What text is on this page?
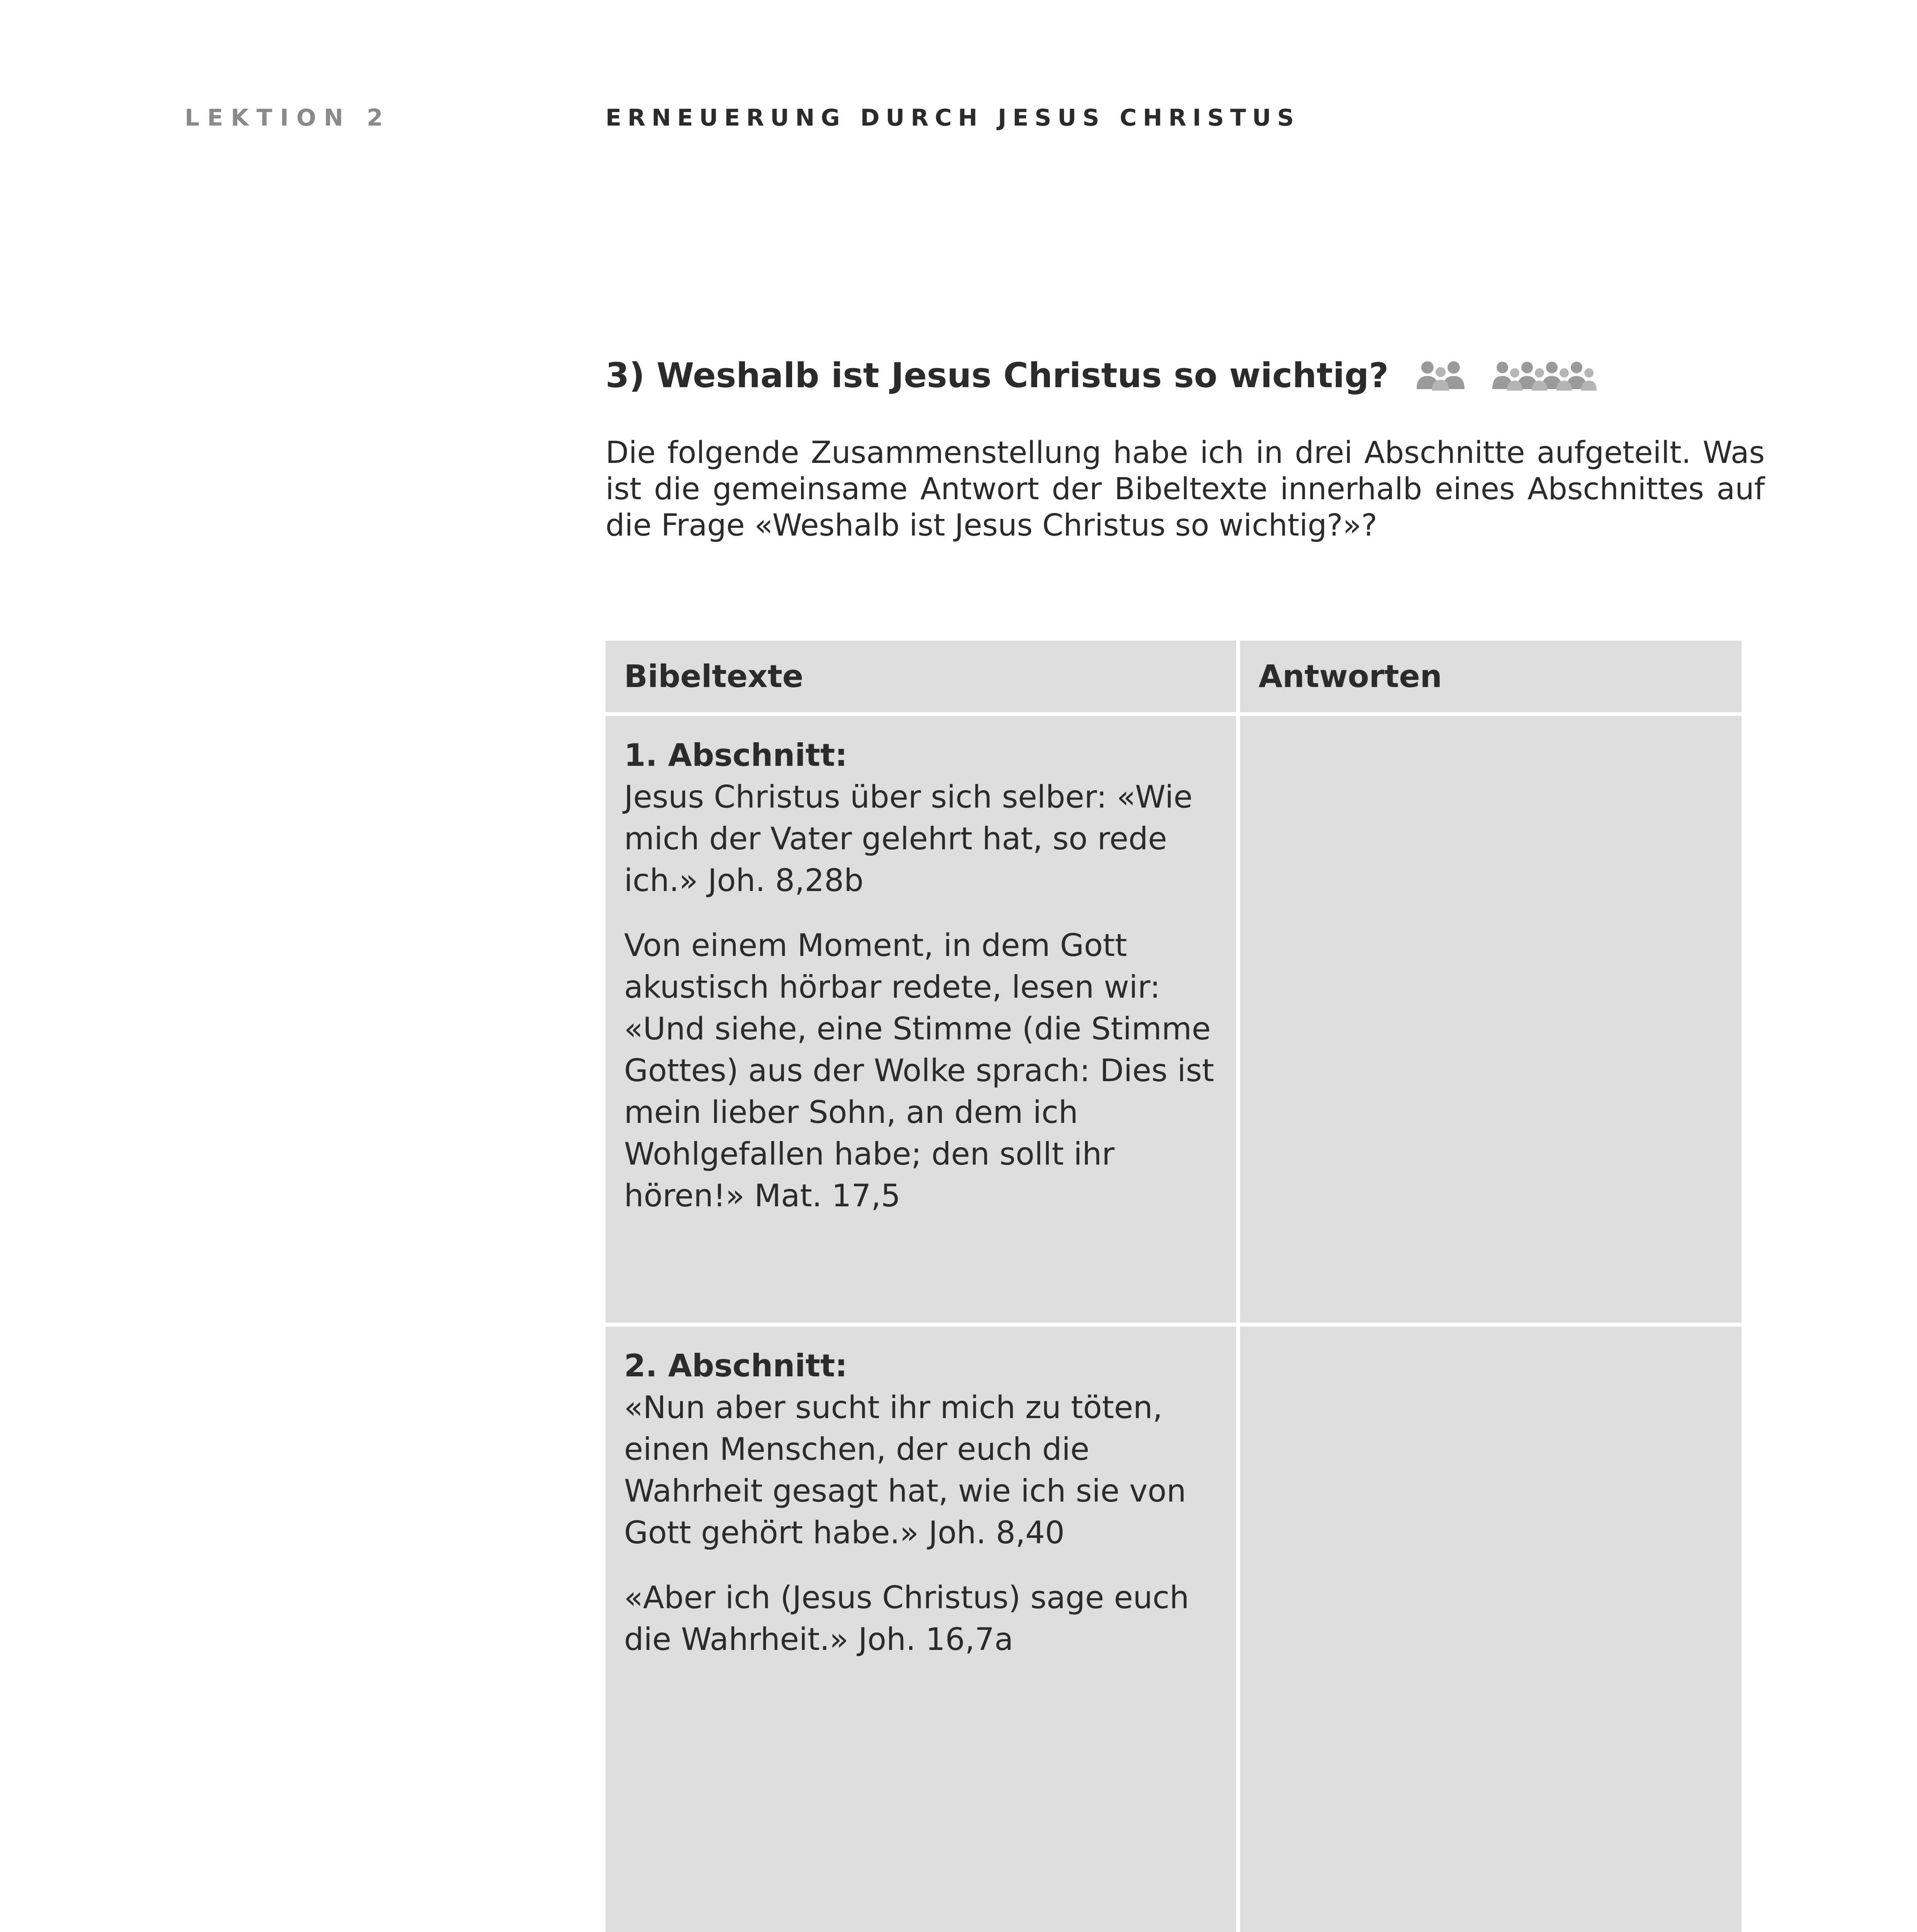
LEKTION 2	ERNEUERUNG DURCH JESUS CHRISTUS
3) Weshalb ist Jesus Christus so wichtig?
Die folgende Zusammenstellung habe ich in drei Abschnitte aufgeteilt. Was ist die gemeinsame Antwort der Bibeltexte innerhalb eines Abschnittes auf die Frage «Weshalb ist Jesus Christus so wichtig?»?
Bibeltexte	Antworten
1. Abschnitt:
Jesus Christus über sich selber: «Wie mich der Vater gelehrt hat, so rede ich.» Joh. 8,28b
Von einem Moment, in dem Gott akustisch hörbar redete, lesen wir: «Und siehe, eine Stimme (die Stimme Gottes) aus der Wolke sprach: Dies ist mein lieber Sohn, an dem ich Wohlgefallen habe; den sollt ihr hören!» Mat. 17,5
2. Abschnitt:
«Nun aber sucht ihr mich zu töten, einen Menschen, der euch die Wahrheit gesagt hat, wie ich sie von Gott gehört habe.» Joh. 8,40
«Aber ich (Jesus Christus) sage euch die Wahrheit.» Joh. 16,7a
